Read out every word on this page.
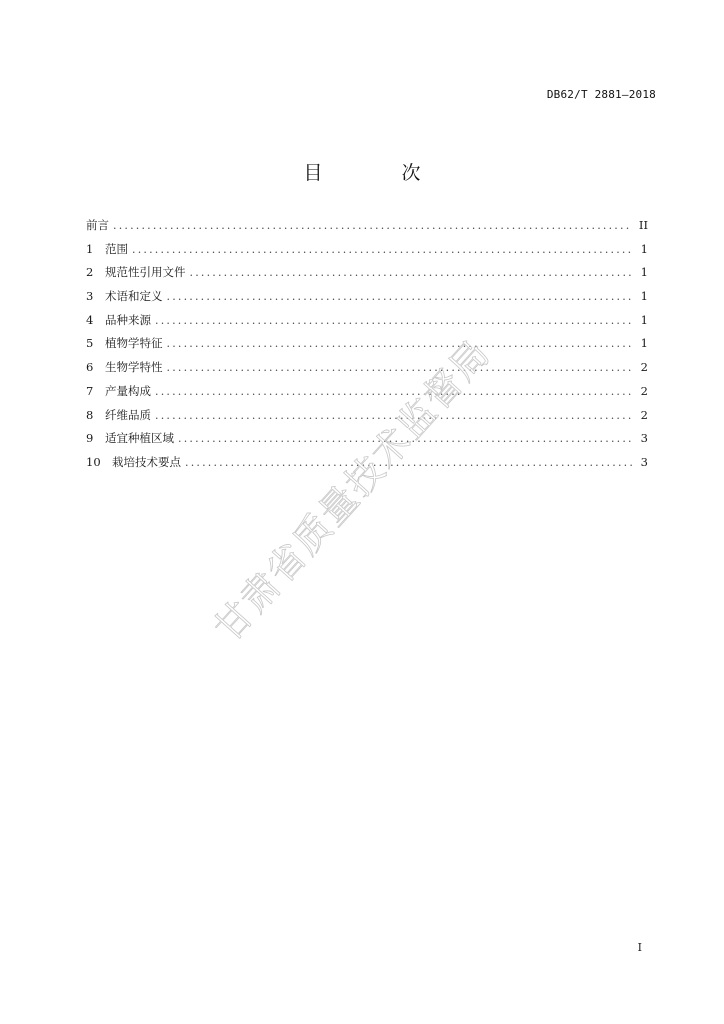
DB62/T 2881—2018
目　次
前言 .....	II
1	范围 .....	1
2	规范性引用文件 .....	1
3	术语和定义 .....	1
4	品种来源 .....	1
5	植物学特征 .....	1
6	生物学特性 .....	2
7	产量构成 .....	2
8	纤维品质 .....	2
9	适宜种植区域 .....	3
10 栽培技术要点 .....	3
甘肃省质量技术监督局
I
